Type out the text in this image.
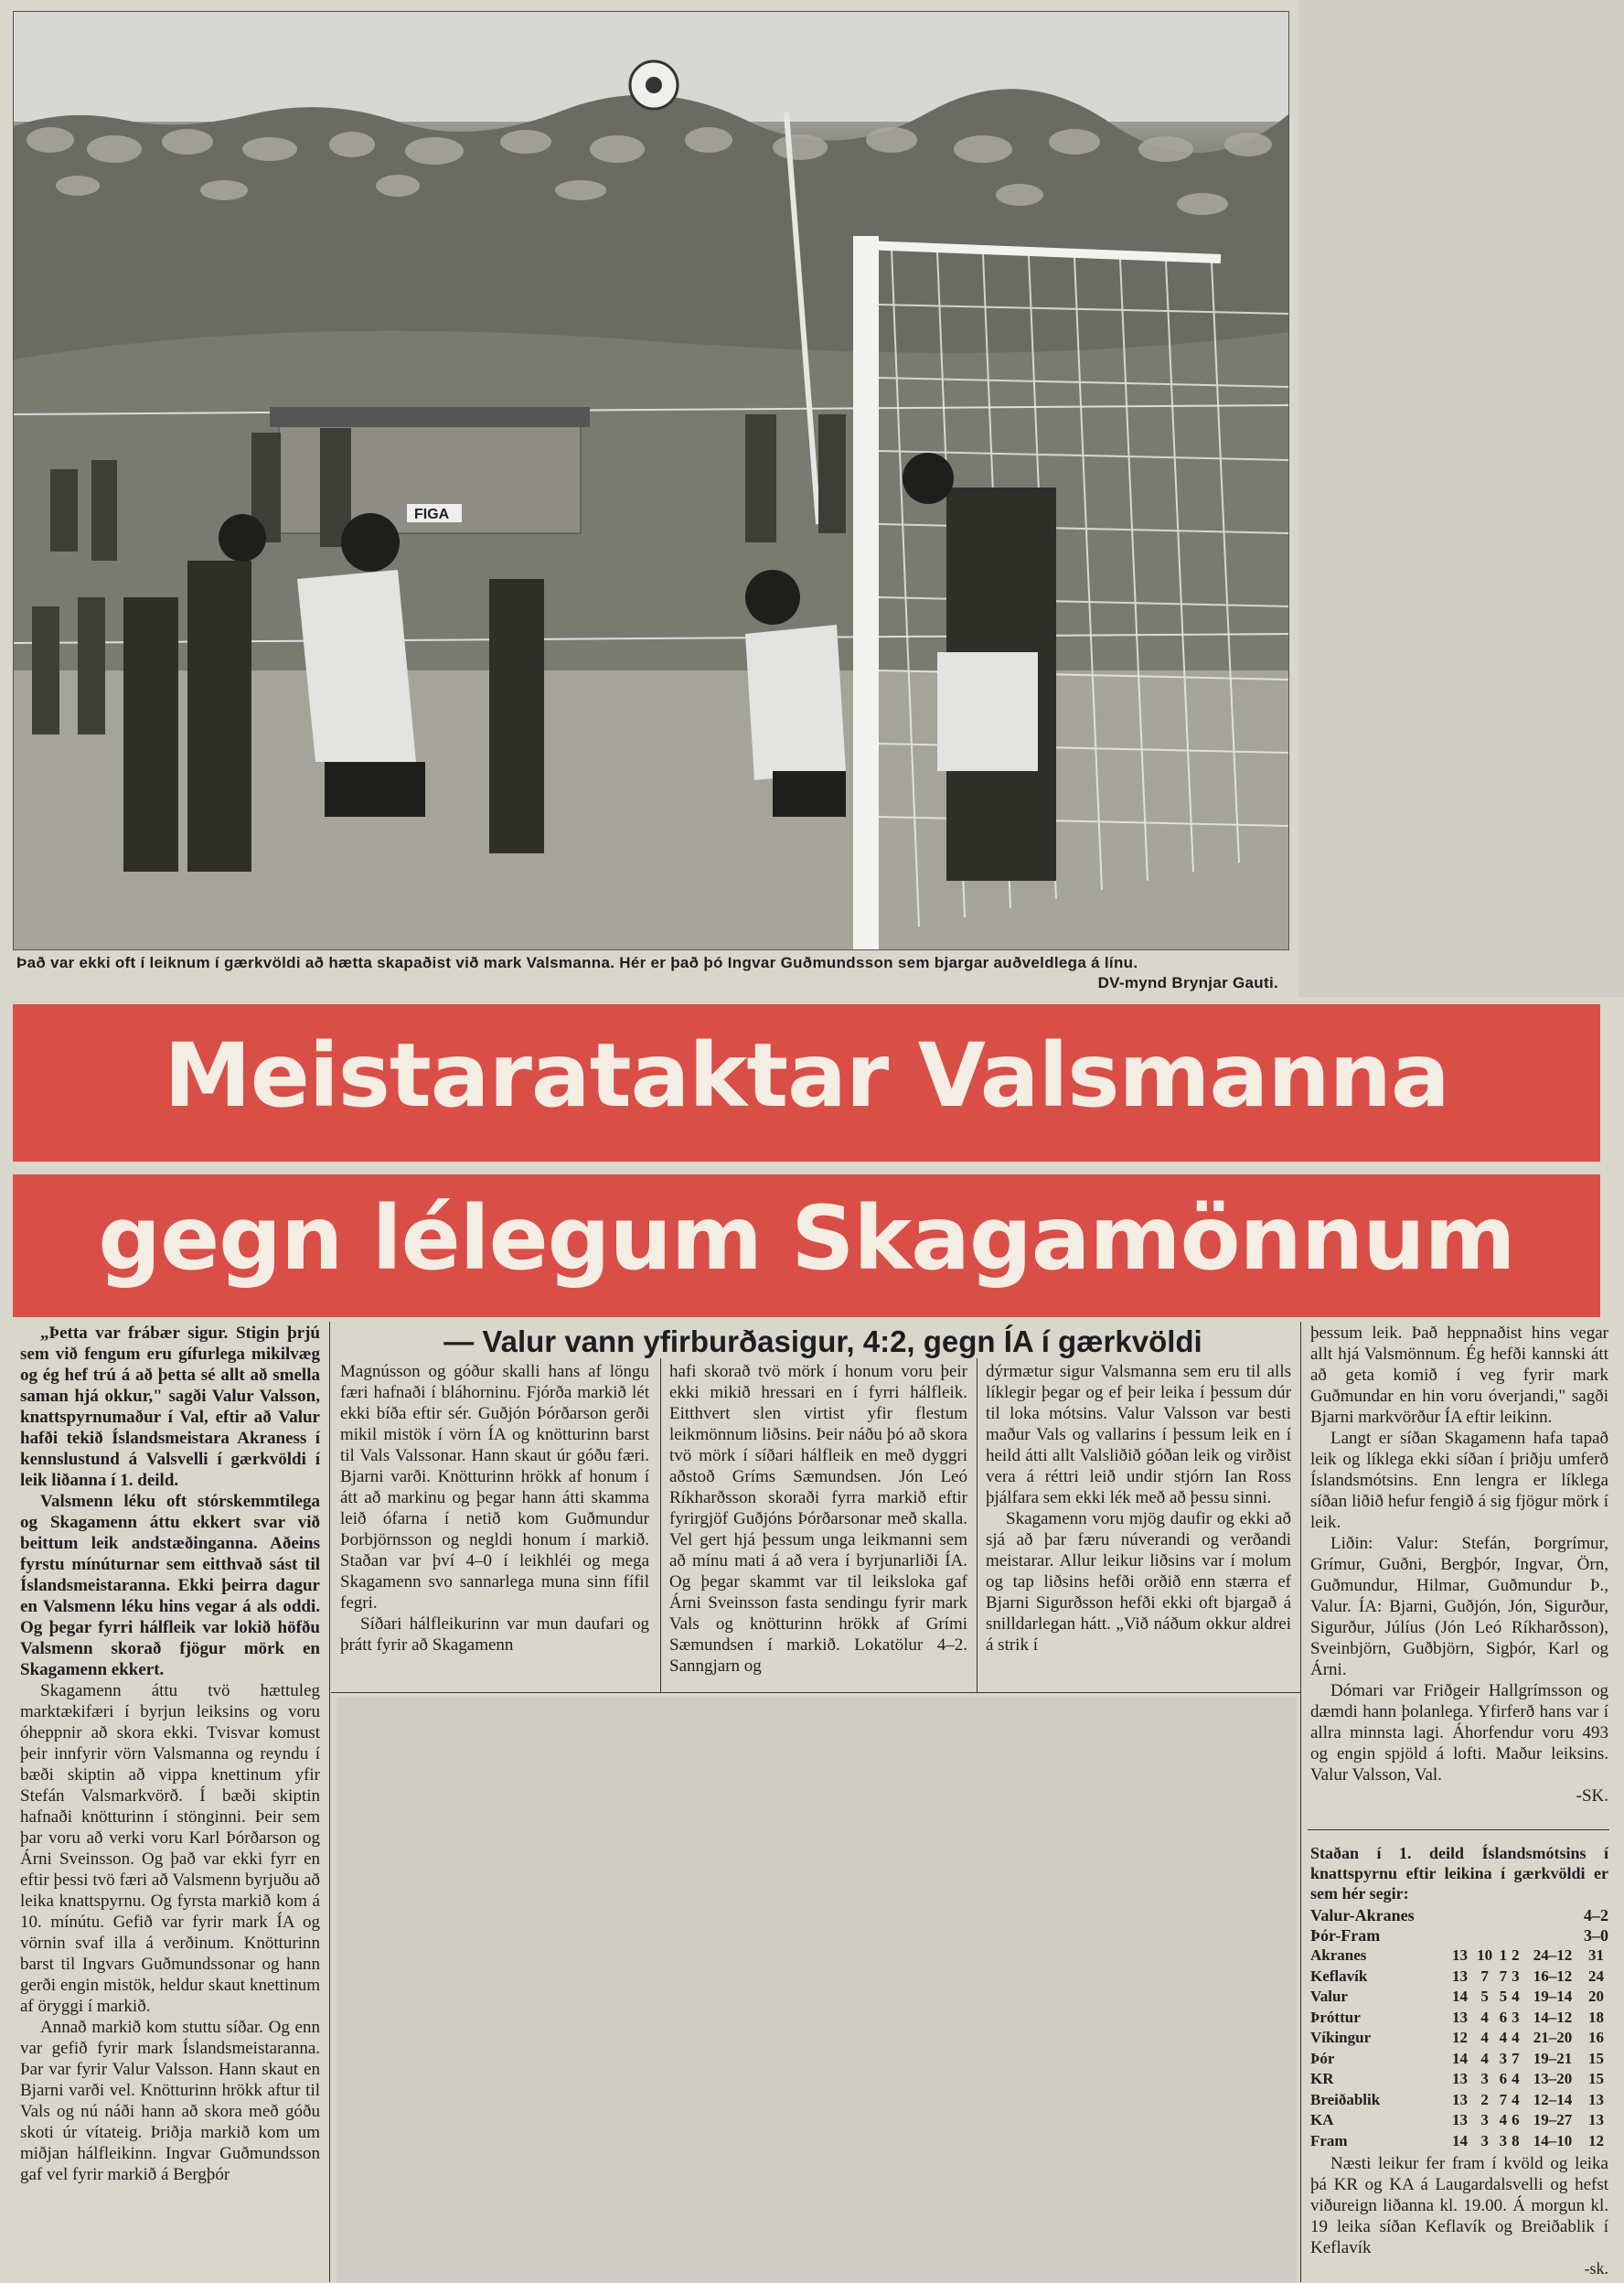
FIGA
Það var ekki oft í leiknum í gærkvöldi að hætta skapaðist við mark Valsmanna. Hér er það þó Ingvar Guðmundsson sem bjargar auðveldlega á línu.
DV-mynd Brynjar Gauti.
Meistarataktar Valsmanna
gegn lélegum Skagamönnum
— Valur vann yfirburðasigur, 4:2, gegn ÍA í gærkvöldi

„Þetta var frábær sigur. Stigin þrjú sem við fengum eru gífurlega mikilvæg og ég hef trú á að þetta sé allt að smella saman hjá okkur," sagði Valur Valsson, knattspyrnumaður í Val, eftir að Valur hafði tekið Íslandsmeistara Akraness í kennslustund á Valsvelli í gærkvöldi í leik liðanna í 1. deild.

Valsmenn léku oft stórskemmtilega og Skagamenn áttu ekkert svar við beittum leik andstæðinganna. Aðeins fyrstu mínúturnar sem eitthvað sást til Íslandsmeistaranna. Ekki þeirra dagur en Valsmenn léku hins vegar á als oddi. Og þegar fyrri hálfleik var lokið höfðu Valsmenn skorað fjögur mörk en Skagamenn ekkert.

Skagamenn áttu tvö hættuleg marktækifæri í byrjun leiksins og voru óheppnir að skora ekki. Tvisvar komust þeir innfyrir vörn Valsmanna og reyndu í bæði skiptin að vippa knettinum yfir Stefán Valsmarkvörð. Í bæði skiptin hafnaði knötturinn í stönginni. Þeir sem þar voru að verki voru Karl Þórðarson og Árni Sveinsson. Og það var ekki fyrr en eftir þessi tvö færi að Valsmenn byrjuðu að leika knattspyrnu. Og fyrsta markið kom á 10. mínútu. Gefið var fyrir mark ÍA og vörnin svaf illa á verðinum. Knötturinn barst til Ingvars Guðmundssonar og hann gerði engin mistök, heldur skaut knettinum af öryggi í markið.

Annað markið kom stuttu síðar. Og enn var gefið fyrir mark Íslandsmeistaranna. Þar var fyrir Valur Valsson. Hann skaut en Bjarni varði vel. Knötturinn hrökk aftur til Vals og nú náði hann að skora með góðu skoti úr vítateig. Þriðja markið kom um miðjan hálfleikinn. Ingvar Guðmundsson gaf vel fyrir markið á Bergþór

Magnússon og góður skalli hans af löngu færi hafnaði í bláhorninu. Fjórða markið lét ekki bíða eftir sér. Guðjón Þórðarson gerði mikil mistök í vörn ÍA og knötturinn barst til Vals Valssonar. Hann skaut úr góðu færi. Bjarni varði. Knötturinn hrökk af honum í átt að markinu og þegar hann átti skamma leið ófarna í netið kom Guðmundur Þorbjörnsson og negldi honum í markið. Staðan var því 4–0 í leikhléi og mega Skagamenn svo sannarlega muna sinn fífil fegri.

Síðari hálfleikurinn var mun daufari og þrátt fyrir að Skagamenn

hafi skorað tvö mörk í honum voru þeir ekki mikið hressari en í fyrri hálfleik. Eitthvert slen virtist yfir flestum leikmönnum liðsins. Þeir náðu þó að skora tvö mörk í síðari hálfleik en með dyggri aðstoð Gríms Sæmundsen. Jón Leó Ríkharðsson skoraði fyrra markið eftir fyrirgjöf Guðjóns Þórðarsonar með skalla. Vel gert hjá þessum unga leikmanni sem að mínu mati á að vera í byrjunarliði ÍA. Og þegar skammt var til leiksloka gaf Árni Sveinsson fasta sendingu fyrir mark Vals og knötturinn hrökk af Grími Sæmundsen í markið. Lokatölur 4–2. Sanngjarn og

dýrmætur sigur Valsmanna sem eru til alls líklegir þegar og ef þeir leika í þessum dúr til loka mótsins. Valur Valsson var besti maður Vals og vallarins í þessum leik en í heild átti allt Valsliðið góðan leik og virðist vera á réttri leið undir stjórn Ian Ross þjálfara sem ekki lék með að þessu sinni.

Skagamenn voru mjög daufir og ekki að sjá að þar færu núverandi og verðandi meistarar. Allur leikur liðsins var í molum og tap liðsins hefði orðið enn stærra ef Bjarni Sigurðsson hefði ekki oft bjargað á snilldarlegan hátt. „Við náðum okkur aldrei á strik í

þessum leik. Það heppnaðist hins vegar allt hjá Valsmönnum. Ég hefði kannski átt að geta komið í veg fyrir mark Guðmundar en hin voru óverjandi," sagði Bjarni markvörður ÍA eftir leikinn.

Langt er síðan Skagamenn hafa tapað leik og líklega ekki síðan í þriðju umferð Íslandsmótsins. Enn lengra er líklega síðan liðið hefur fengið á sig fjögur mörk í leik.

Liðin: Valur: Stefán, Þorgrímur, Grímur, Guðni, Bergþór, Ingvar, Örn, Guðmundur, Hilmar, Guðmundur Þ., Valur. ÍA: Bjarni, Guðjón, Jón, Sigurður, Sigurður, Júlíus (Jón Leó Ríkharðsson), Sveinbjörn, Guðbjörn, Sigþór, Karl og Árni.

Dómari var Friðgeir Hallgrímsson og dæmdi hann þolanlega. Yfirferð hans var í allra minnsta lagi. Áhorfendur voru 493 og engin spjöld á lofti. Maður leiksins. Valur Valsson, Val.

-SK.

Staðan í 1. deild Íslandsmótsins í knattspyrnu eftir leikina í gærkvöldi er sem hér segir:

Valur-Akranes	4–2
Þór-Fram	3–0
Akranes	13	10	1	2	24–12	31
Keflavík	13	7	7	3	16–12	24
Valur	14	5	5	4	19–14	20
Þróttur	13	4	6	3	14–12	18
Víkingur	12	4	4	4	21–20	16
Þór	14	4	3	7	19–21	15
KR	13	3	6	4	13–20	15
Breiðablik	13	2	7	4	12–14	13
KA	13	3	4	6	19–27	13
Fram	14	3	3	8	14–10	12

Næsti leikur fer fram í kvöld og leika þá KR og KA á Laugardalsvelli og hefst viðureign liðanna kl. 19.00. Á morgun kl. 19 leika síðan Keflavík og Breiðablik í Keflavík

-sk.
